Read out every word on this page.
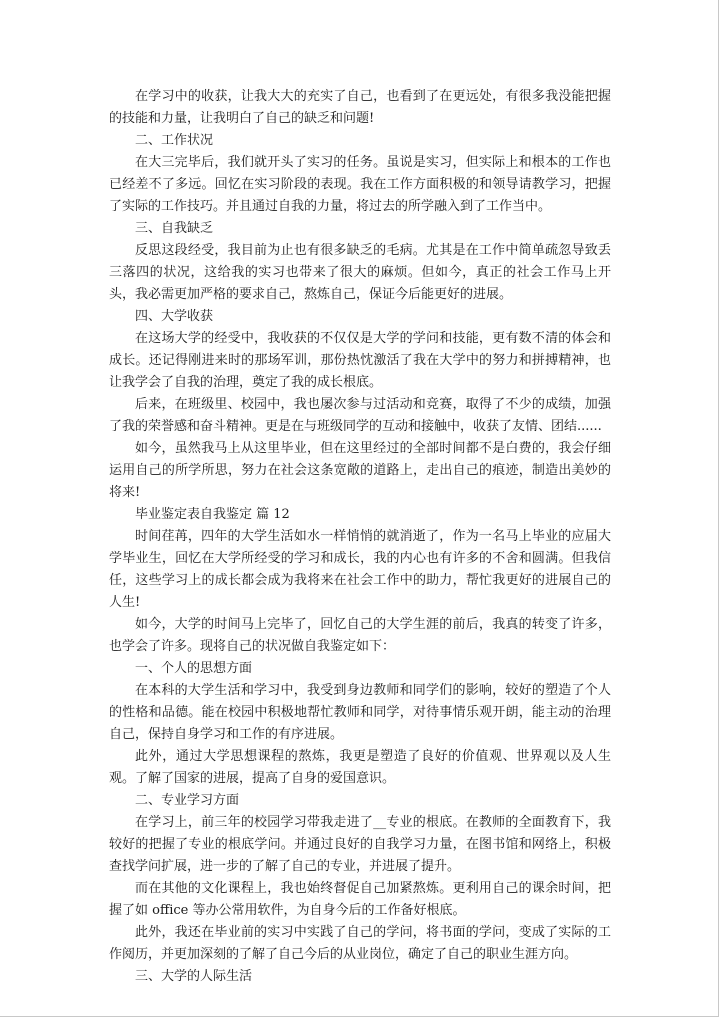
在学习中的收获，让我大大的充实了自己，也看到了在更远处，有很多我没能把握的技能和力量，让我明白了自己的缺乏和问题!

二、工作状况

在大三完毕后，我们就开头了实习的任务。虽说是实习，但实际上和根本的工作也已经差不了多远。回忆在实习阶段的表现。我在工作方面积极的和领导请教学习，把握了实际的工作技巧。并且通过自我的力量，将过去的所学融入到了工作当中。

三、自我缺乏

反思这段经受，我目前为止也有很多缺乏的毛病。尤其是在工作中简单疏忽导致丢三落四的状况，这给我的实习也带来了很大的麻烦。但如今，真正的社会工作马上开头，我必需更加严格的要求自己，熬炼自己，保证今后能更好的进展。

四、大学收获

在这场大学的经受中，我收获的不仅仅是大学的学问和技能，更有数不清的体会和成长。还记得刚进来时的那场军训，那份热忱激活了我在大学中的努力和拼搏精神，也让我学会了自我的治理，奠定了我的成长根底。

后来，在班级里、校园中，我也屡次参与过活动和竞赛，取得了不少的成绩，加强了我的荣誉感和奋斗精神。更是在与班级同学的互动和接触中，收获了友情、团结......

如今，虽然我马上从这里毕业，但在这里经过的全部时间都不是白费的，我会仔细运用自己的所学所思，努力在社会这条宽敞的道路上，走出自己的痕迹，制造出美妙的将来!

毕业鉴定表自我鉴定 篇 12

时间荏苒，四年的大学生活如水一样悄悄的就消逝了，作为一名马上毕业的应届大学毕业生，回忆在大学所经受的学习和成长，我的内心也有许多的不舍和圆满。但我信任，这些学习上的成长都会成为我将来在社会工作中的助力，帮忙我更好的进展自己的人生!

如今，大学的时间马上完毕了，回忆自己的大学生涯的前后，我真的转变了许多，也学会了许多。现将自己的状况做自我鉴定如下：

一、个人的思想方面

在本科的大学生活和学习中，我受到身边教师和同学们的影响，较好的塑造了个人的性格和品德。能在校园中积极地帮忙教师和同学，对待事情乐观开朗，能主动的治理自己，保持自身学习和工作的有序进展。

此外，通过大学思想课程的熬炼，我更是塑造了良好的价值观、世界观以及人生观。了解了国家的进展，提高了自身的爱国意识。

二、专业学习方面

在学习上，前三年的校园学习带我走进了__专业的根底。在教师的全面教育下，我较好的把握了专业的根底学问。并通过良好的自我学习力量，在图书馆和网络上，积极查找学问扩展，进一步的了解了自己的专业，并进展了提升。

而在其他的文化课程上，我也始终督促自己加紧熬炼。更利用自己的课余时间，把握了如 office 等办公常用软件，为自身今后的工作备好根底。

此外，我还在毕业前的实习中实践了自己的学问，将书面的学问，变成了实际的工作阅历，并更加深刻的了解了自己今后的从业岗位，确定了自己的职业生涯方向。

三、大学的人际生活
